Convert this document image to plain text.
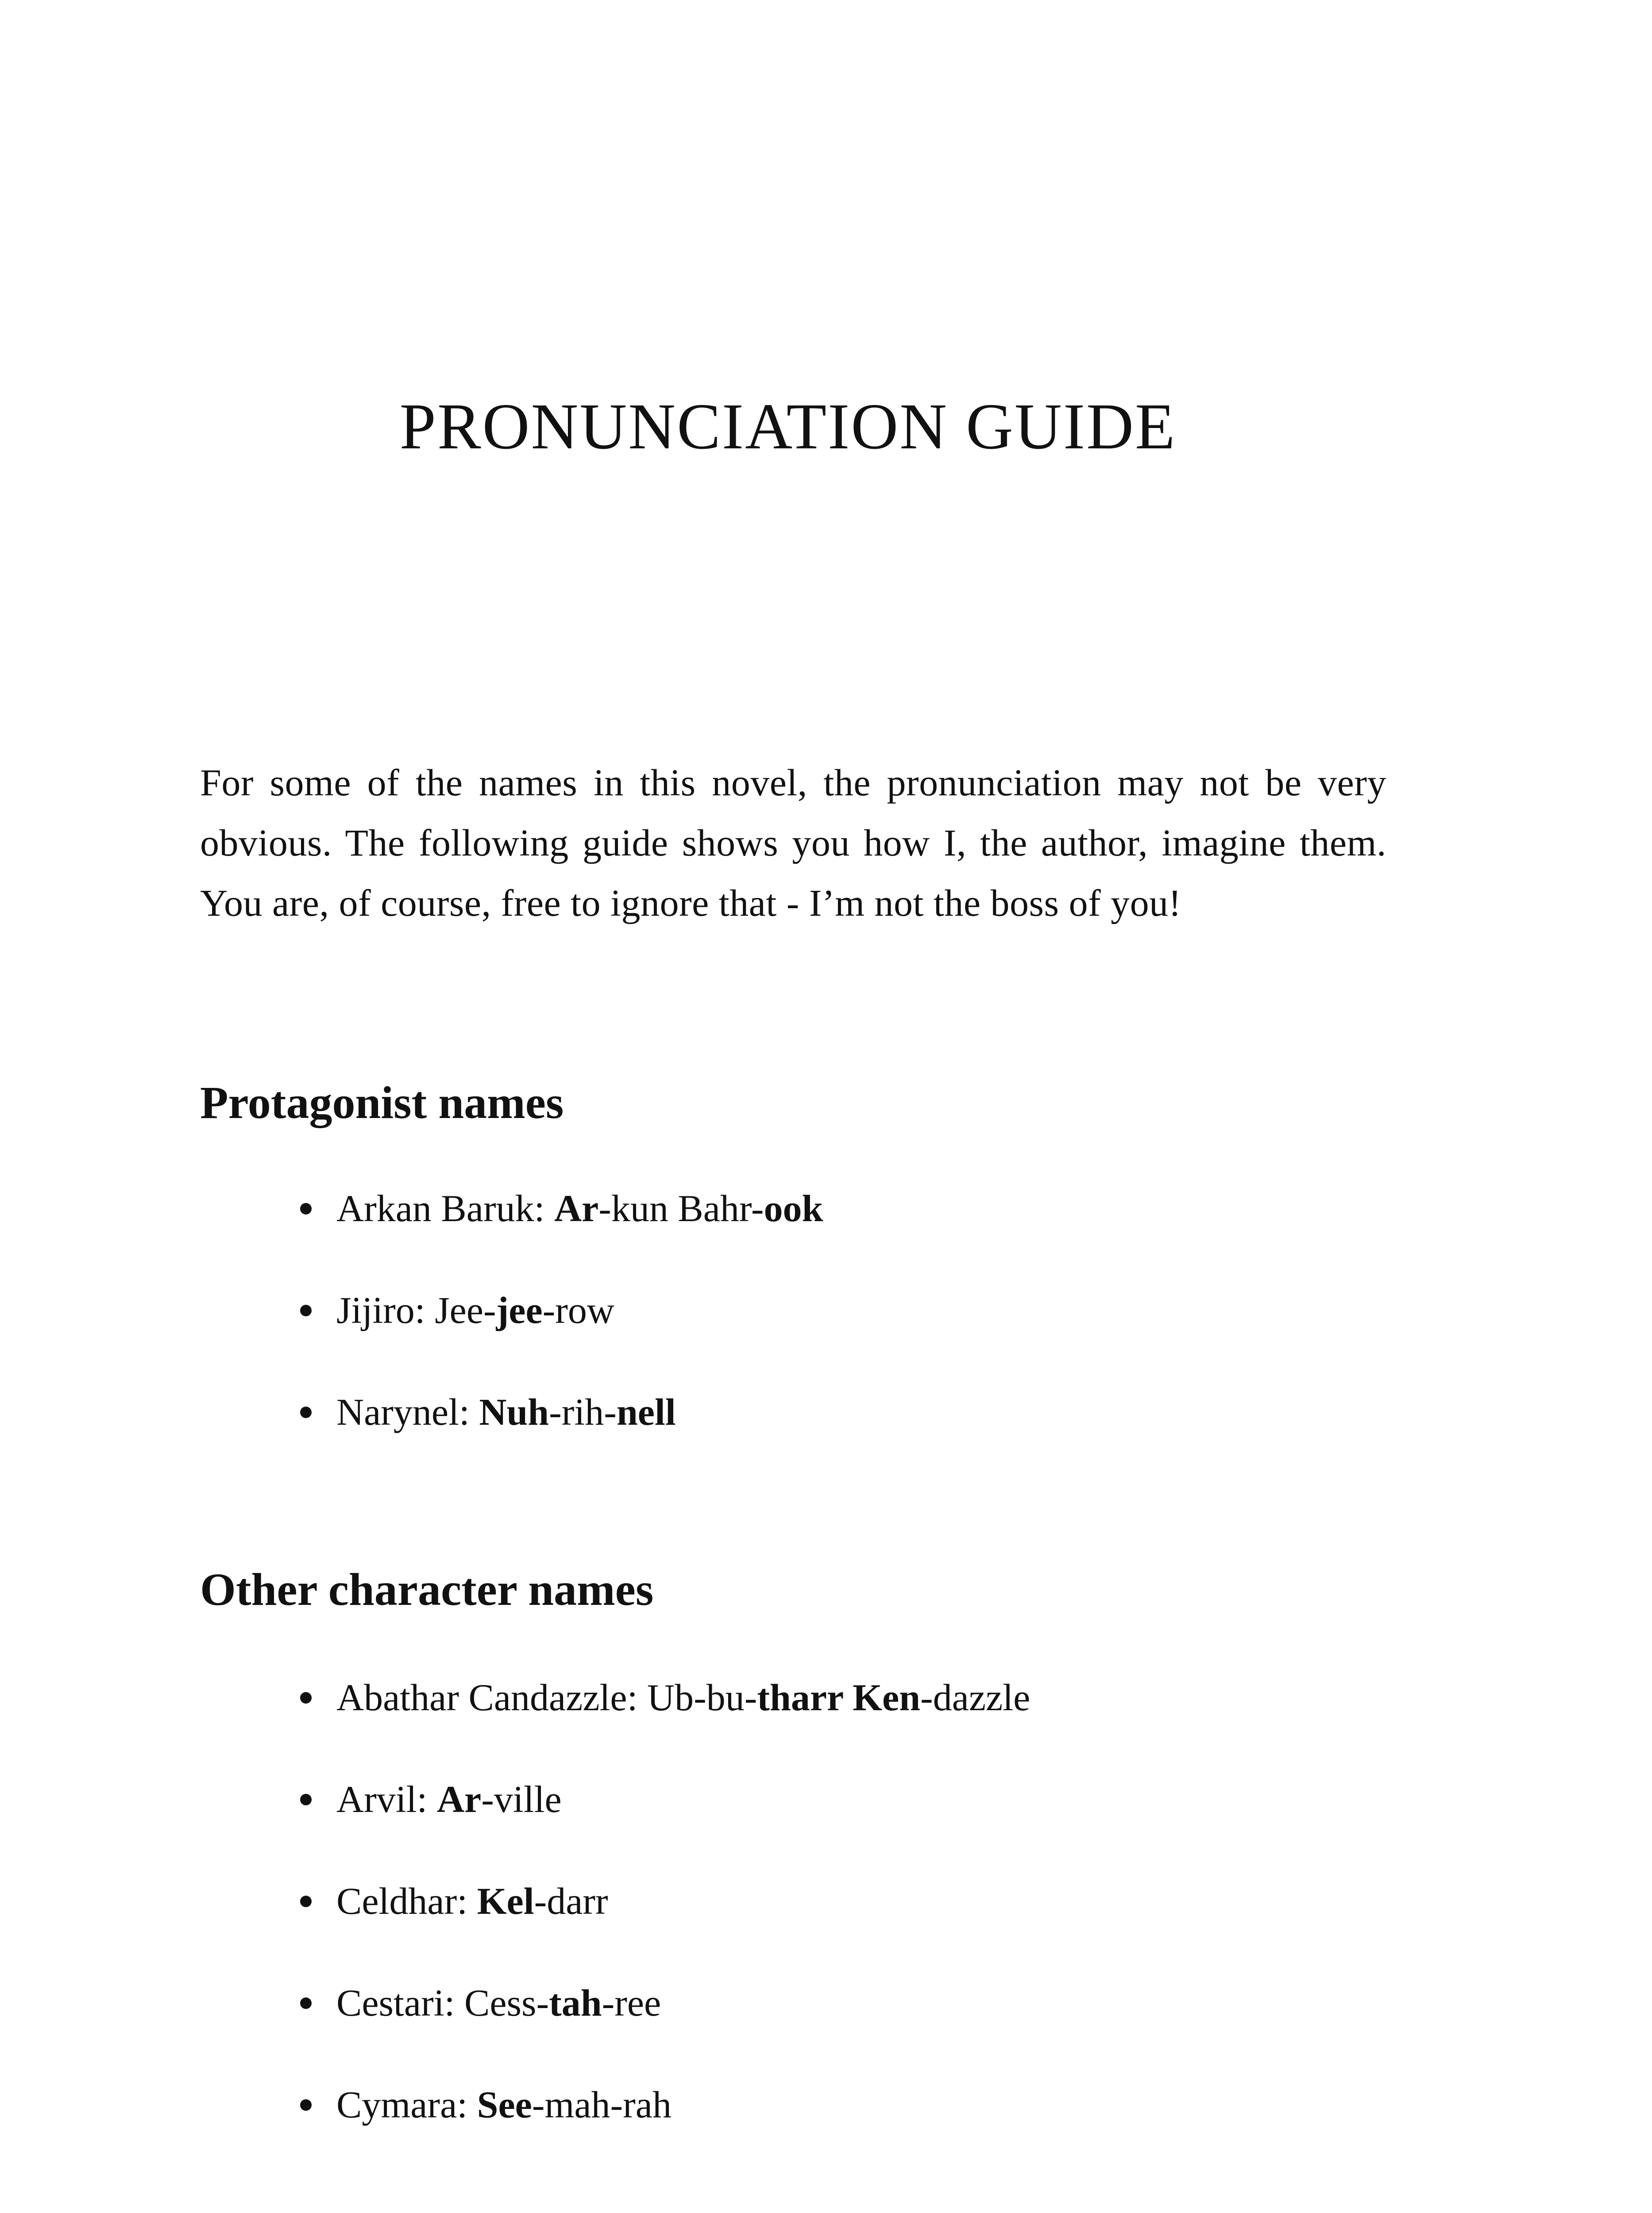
PRONUNCIATION GUIDE

For some of the names in this novel, the pronunciation may not be very obvious. The following guide shows you how I, the author, imagine them. You are, of course, free to ignore that - I’m not the boss of you!

Protagonist names
Arkan Baruk: Ar-kun Bahr-ook
Jijiro: Jee-jee-row
Narynel: Nuh-rih-nell
Other character names
Abathar Candazzle: Ub-bu-tharr Ken-dazzle
Arvil: Ar-ville
Celdhar: Kel-darr
Cestari: Cess-tah-ree
Cymara: See-mah-rah
